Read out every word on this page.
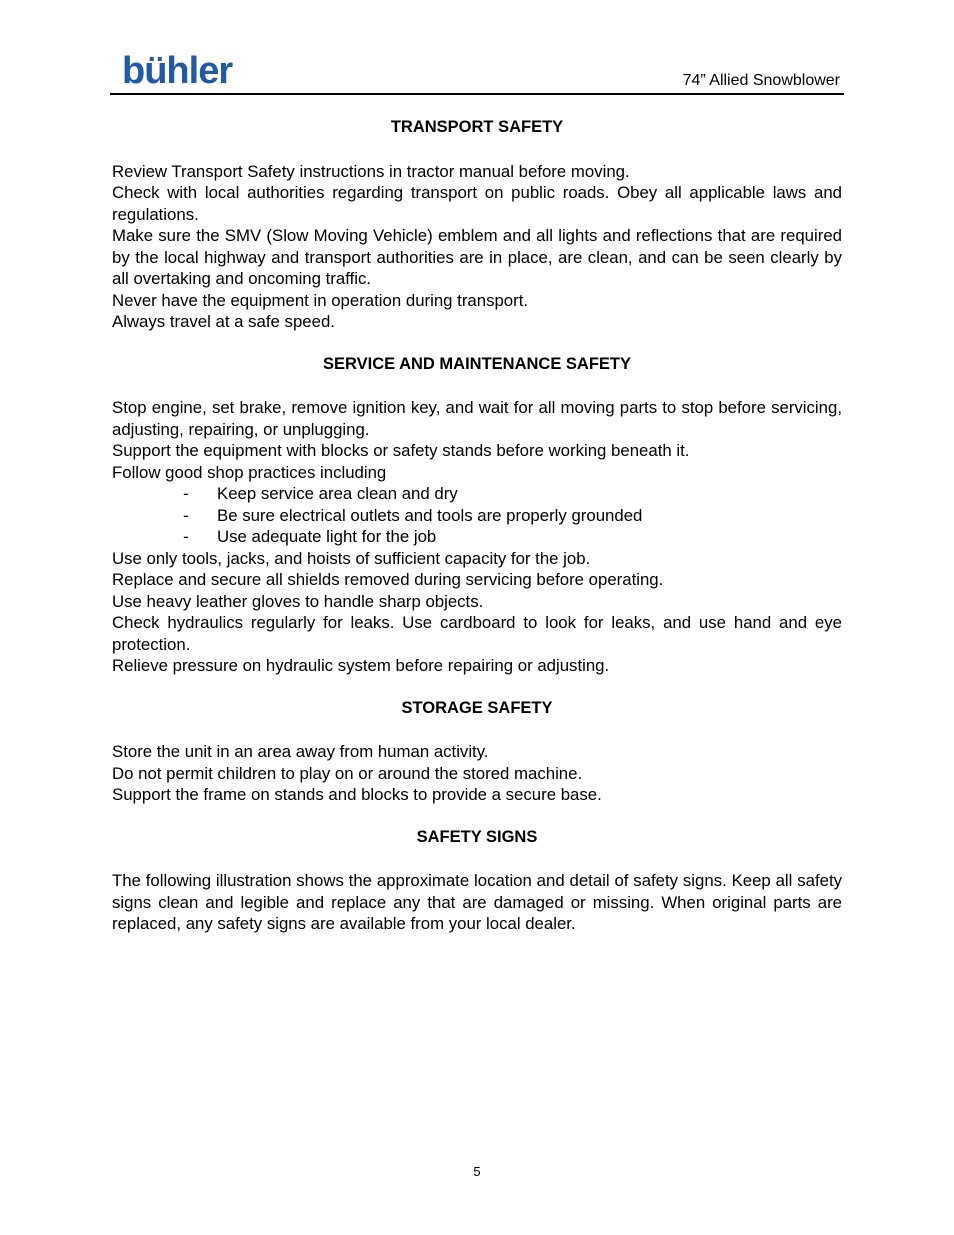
bühler	74” Allied Snowblower
TRANSPORT SAFETY

Review Transport Safety instructions in tractor manual before moving.

Check with local authorities regarding transport on public roads. Obey all applicable laws and regulations.

Make sure the SMV (Slow Moving Vehicle) emblem and all lights and reflections that are required by the local highway and transport authorities are in place, are clean, and can be seen clearly by all overtaking and oncoming traffic.

Never have the equipment in operation during transport.

Always travel at a safe speed.

SERVICE AND MAINTENANCE SAFETY

Stop engine, set brake, remove ignition key, and wait for all moving parts to stop before servicing, adjusting, repairing, or unplugging.

Support the equipment with blocks or safety stands before working beneath it.

Follow good shop practices including

- Keep service area clean and dry
- Be sure electrical outlets and tools are properly grounded
- Use adequate light for the job

Use only tools, jacks, and hoists of sufficient capacity for the job.

Replace and secure all shields removed during servicing before operating.

Use heavy leather gloves to handle sharp objects.

Check hydraulics regularly for leaks. Use cardboard to look for leaks, and use hand and eye protection.

Relieve pressure on hydraulic system before repairing or adjusting.

STORAGE SAFETY

Store the unit in an area away from human activity.

Do not permit children to play on or around the stored machine.

Support the frame on stands and blocks to provide a secure base.

SAFETY SIGNS

The following illustration shows the approximate location and detail of safety signs. Keep all safety signs clean and legible and replace any that are damaged or missing. When original parts are replaced, any safety signs are available from your local dealer.

5
